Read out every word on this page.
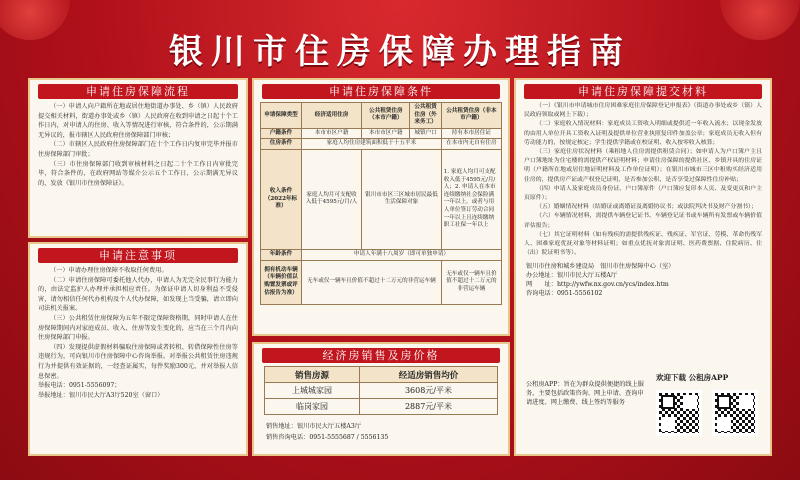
银川市住房保障办理指南
申请住房保障流程

（一）申请人向户籍所在地或居住地街道办事处、乡（镇）人民政府提交相关材料，街道办事处或乡（镇）人民政府在收到申请之日起十个工作日内，对申请人的住房、收入等情况进行审核，符合条件的，公示期满无异议的，报市辖区人民政府住房保障部门审核；

（二）市辖区人民政府住房保障部门在十个工作日内复审完毕并报市住房保障部门审批；

（三）市住房保障部门收到审核材料之日起二十个工作日内审批完毕，符合条件的，在政府网站等媒介公示五个工作日，公示期满无异议的，发放《银川市住房保障证》。

申请注意事项

（一）申请办理住房保障不收取任何费用。

（二）申请住房保障可委托他人代办，申请人为无完全民事行为能力的，由法定监护人办理并承担相应责任。为保证申请人切身利益不受侵害，请勿相信任何代办机构及个人代办保障，如发现上当受骗，请立即向司法机关报案。

（三）公共租赁住房保障为五年不限定保障资格期，同时申请人在住房保障期间内对家庭成员、收入、住房等发生变化的，应当在三个月内向住房保障部门申报。

（四）发现提供虚假材料骗取住房保障或者转租、转借保障性住房等违规行为，可向银川市住房保障中心咨询举报。对举报公共租赁住房违规行为并提供有效证据的，一经查证属实，每件奖励300元，并对举报人信息保密。

举报电话：0951-5556097；

举报地址：银川市民大厅A3厅520室（窗口）

申请住房保障条件
申请保障类型	经济适用住房	公共租赁住房（本市户籍）	公共租赁住房（外来务工）	公共租赁住房（非本市户籍）
户籍条件	本市市区户籍	本市市区户籍	城镇户口	持有本市居住证
住房条件	家庭人均住房建筑面积低于十五平米			在本市内无自有住房
收入条件（2022年标准）	家庭人均月可支配收入低于4595元/月/人	银川市市区三区城市居民最低生活保障对象		1. 家庭人均月可支配收入低于4595元/月/人；2. 申请人在本市连续缴纳社会保险满一年以上，或者与用人单位签订劳动合同一年以上且连续缴纳职工社保一年以上
年龄条件	申请人年满十八周岁（即可单独申请）			
拥有机动车辆（车辆价值以购置发票或评估报告为准）	无车或仅一辆车且价值不超过十二万元的非营运车辆			无车或仅一辆车且价值不超过十二万元的非营运车辆
经济房销售及房价格
销售房源	经适房销售均价
上城城家园	3608元/平米
临岗家园	2887元/平米
销售地址：银川市民大厅五楼A3厅
销售咨询电话：0951-5555687 / 5556135
申请住房保障提交材料

（一）《银川市申请城市住房困难家庭住房保障登记申报表》（街道办事处或乡（镇）人民政府领取或网上下载）；

（二）家庭收入情况材料：家庭成员工资收入明细或提供近一年收入流水；以现金发放的由用人单位开具工资收入证明及提供单位营业执照复印件加盖公章；家庭成员无收入但有劳动能力的，按规定核定；学生提供学籍或在校证明、收入按零收入核算；

（三）家庭住房状况材料（乘租地人住房需提供租赁合同）；如申请人为户口簿户主且户口簿地址为住宅楼的需提供产权证明材料；申请住房保障的提供社区、乡镇开具的住房证明（户籍所在地或居住地证明材料及工作单位证明）；在银川市城市三区中租购买经济适用住房的，提供房产证或产权登记证明，是否参加公积，是否享受过保障性住房补贴；

（四）申请人及家庭成员身份证、户口簿原件（户口簿应复印本人页、及变更页和户主页原件）；

（五）婚姻情况材料（结婚证或离婚证及离婚协议书；或法院判决书及财产分割书）；

（六）车辆情况材料，需提供车辆登记证书、车辆登记证书或车辆所有发票或车辆价值评估报告；

（七）其它证明材料（如有残疾的需提供残疾证、残疾证、军官证、劳模、革命伤残军人、困难家庭优抚对象等材料证明；如重点优抚对象需证明、医药费票据、住院病历、住（出）院证明书等）。

银川市住房和城乡建设局　银川市住房保障中心（室）
办公地址：银川市民大厅五楼A厅
网　　址：http://ywfw.nx.gov.cn/ycs/index.htm
咨询电话：0951-5556102
公租房APP：旨在为群众提供便捷的线上服务，主要包括政策咨询、网上申请、查询申请进度、网上缴费、线上签约等服务
欢迎下载 公租房APP
